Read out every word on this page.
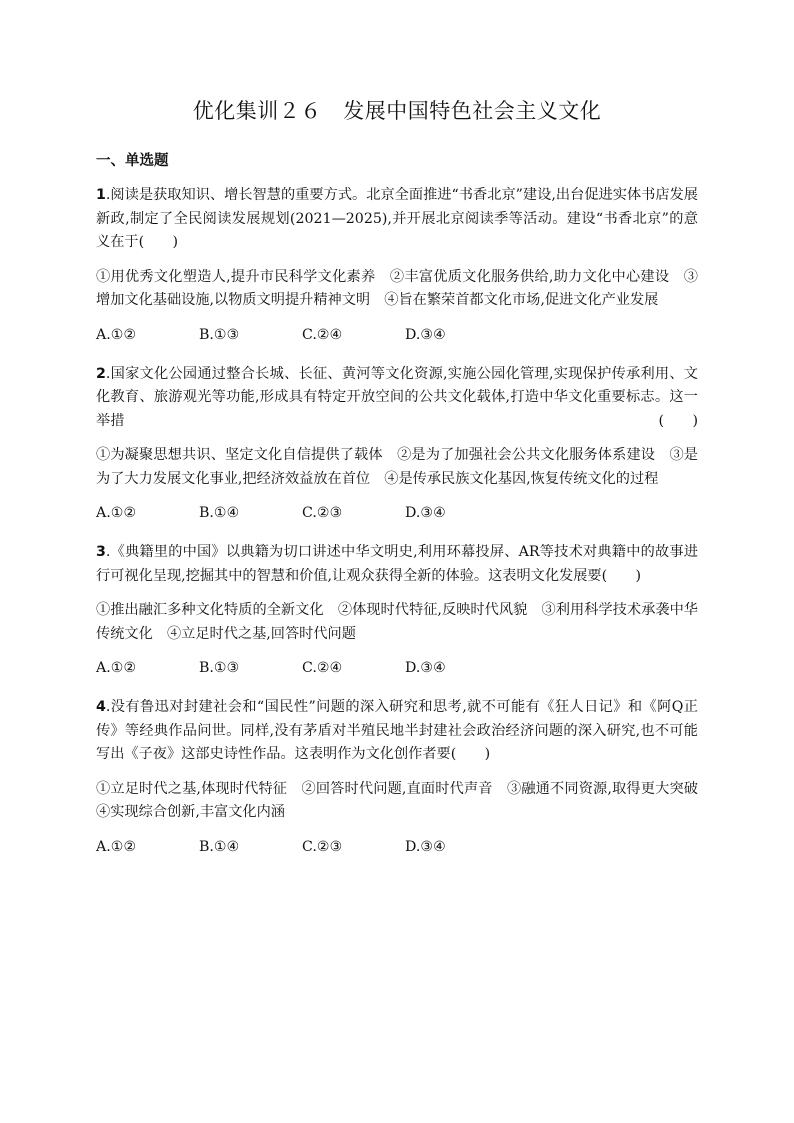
优化集训２６　发展中国特色社会主义文化
一、单选题

1.阅读是获取知识、增长智慧的重要方式。北京全面推进“书香北京”建设,出台促进实体书店发展新政,制定了全民阅读发展规划(2021—2025),并开展北京阅读季等活动。建设“书香北京”的意义在于(　　)

①用优秀文化塑造人,提升市民科学文化素养　②丰富优质文化服务供给,助力文化中心建设　③增加文化基础设施,以物质文明提升精神文明　④旨在繁荣首都文化市场,促进文化产业发展

A.①②	B.①③	C.②④	D.③④

2.国家文化公园通过整合长城、长征、黄河等文化资源,实施公园化管理,实现保护传承利用、文化教育、旅游观光等功能,形成具有特定开放空间的公共文化载体,打造中华文化重要标志。这一举措	(　　)

①为凝聚思想共识、坚定文化自信提供了载体　②是为了加强社会公共文化服务体系建设　③是为了大力发展文化事业,把经济效益放在首位　④是传承民族文化基因,恢复传统文化的过程

A.①②	B.①④	C.②③	D.③④

3.《典籍里的中国》以典籍为切口讲述中华文明史,利用环幕投屏、AR等技术对典籍中的故事进行可视化呈现,挖掘其中的智慧和价值,让观众获得全新的体验。这表明文化发展要(　　)

①推出融汇多种文化特质的全新文化　②体现时代特征,反映时代风貌　③利用科学技术承袭中华传统文化　④立足时代之基,回答时代问题

A.①②	B.①③	C.②④	D.③④

4.没有鲁迅对封建社会和“国民性”问题的深入研究和思考,就不可能有《狂人日记》和《阿Q正传》等经典作品问世。同样,没有茅盾对半殖民地半封建社会政治经济问题的深入研究,也不可能写出《子夜》这部史诗性作品。这表明作为文化创作者要(　　)

①立足时代之基,体现时代特征　②回答时代问题,直面时代声音　③融通不同资源,取得更大突破　④实现综合创新,丰富文化内涵

A.①②	B.①④	C.②③	D.③④
